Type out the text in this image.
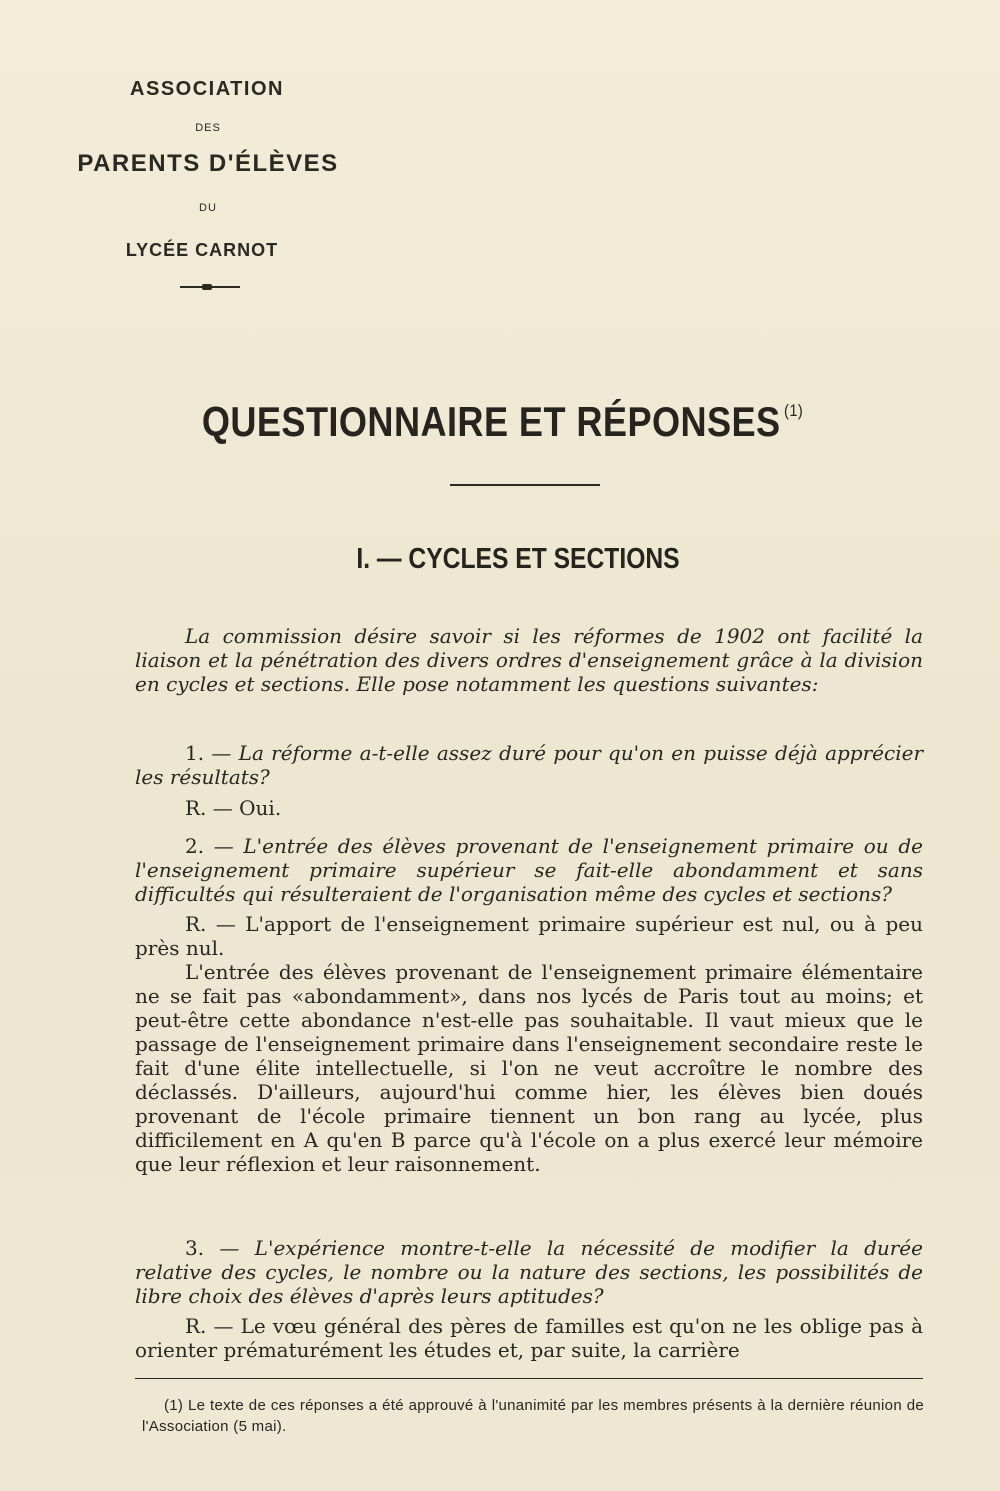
ASSOCIATION
DES
PARENTS D'ÉLÈVES
DU
LYCÉE CARNOT
QUESTIONNAIRE ET RÉPONSES $^{(1)}$
I. — CYCLES ET SECTIONS

La commission désire savoir si les réformes de 1902 ont facilité la liaison et la pénétration des divers ordres d'enseignement grâce à la division en cycles et sections. Elle pose notamment les questions suivantes:

1. — La réforme a-t-elle assez duré pour qu'on en puisse déjà apprécier les résultats?

R. — Oui.

2. — L'entrée des élèves provenant de l'enseignement primaire ou de l'enseignement primaire supérieur se fait-elle abondamment et sans difficultés qui résulteraient de l'organisation même des cycles et sections?

R. — L'apport de l'enseignement primaire supérieur est nul, ou à peu près nul.

L'entrée des élèves provenant de l'enseignement primaire élémentaire ne se fait pas «abondamment», dans nos lycés de Paris tout au moins; et peut-être cette abondance n'est-elle pas souhaitable. Il vaut mieux que le passage de l'enseignement primaire dans l'enseignement secondaire reste le fait d'une élite intellectuelle, si l'on ne veut accroître le nombre des déclassés. D'ailleurs, aujourd'hui comme hier, les élèves bien doués provenant de l'école primaire tiennent un bon rang au lycée, plus difficilement en A qu'en B parce qu'à l'école on a plus exercé leur mémoire que leur réflexion et leur raisonnement.

3. — L'expérience montre-t-elle la nécessité de modifier la durée relative des cycles, le nombre ou la nature des sections, les possibilités de libre choix des élèves d'après leurs aptitudes?

R. — Le vœu général des pères de familles est qu'on ne les oblige pas à orienter prématurément les études et, par suite, la carrière

(1) Le texte de ces réponses a été approuvé à l'unanimité par les membres présents à la dernière réunion de l'Association (5 mai).
